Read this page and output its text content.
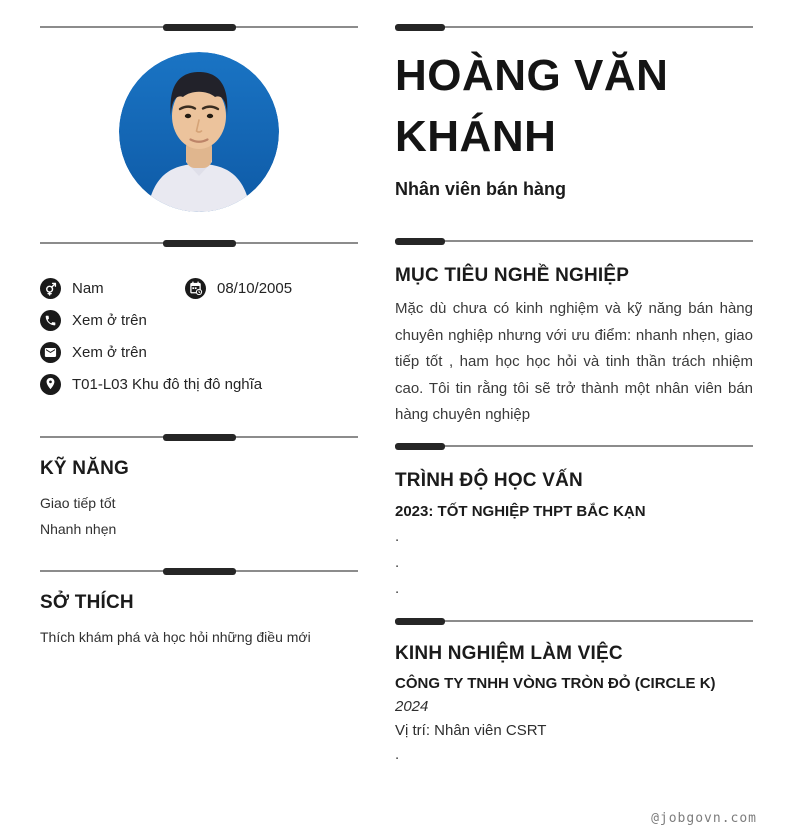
Nam	08/10/2005
Xem ở trên
Xem ở trên
T01-L03 Khu đô thị đô nghĩa
KỸ NĂNG
Giao tiếp tốt
Nhanh nhẹn
SỞ THÍCH
Thích khám phá và học hỏi những điều mới
HOÀNG VĂN KHÁNH
Nhân viên bán hàng
MỤC TIÊU NGHỀ NGHIỆP
Mặc dù chưa có kinh nghiệm và kỹ năng bán hàng chuyên nghiệp nhưng với ưu điểm: nhanh nhẹn, giao tiếp tốt , ham học học hỏi và tinh thần trách nhiệm cao. Tôi tin rằng tôi sẽ trở thành một nhân viên bán hàng chuyên nghiệp
TRÌNH ĐỘ HỌC VẤN
2023: TỐT NGHIỆP THPT BẮC KẠN
.
.
.
KINH NGHIỆM LÀM VIỆC
CÔNG TY TNHH VÒNG TRÒN ĐỎ (CIRCLE K)
2024
Vị trí: Nhân viên CSRT
.
@jobgovn.com
